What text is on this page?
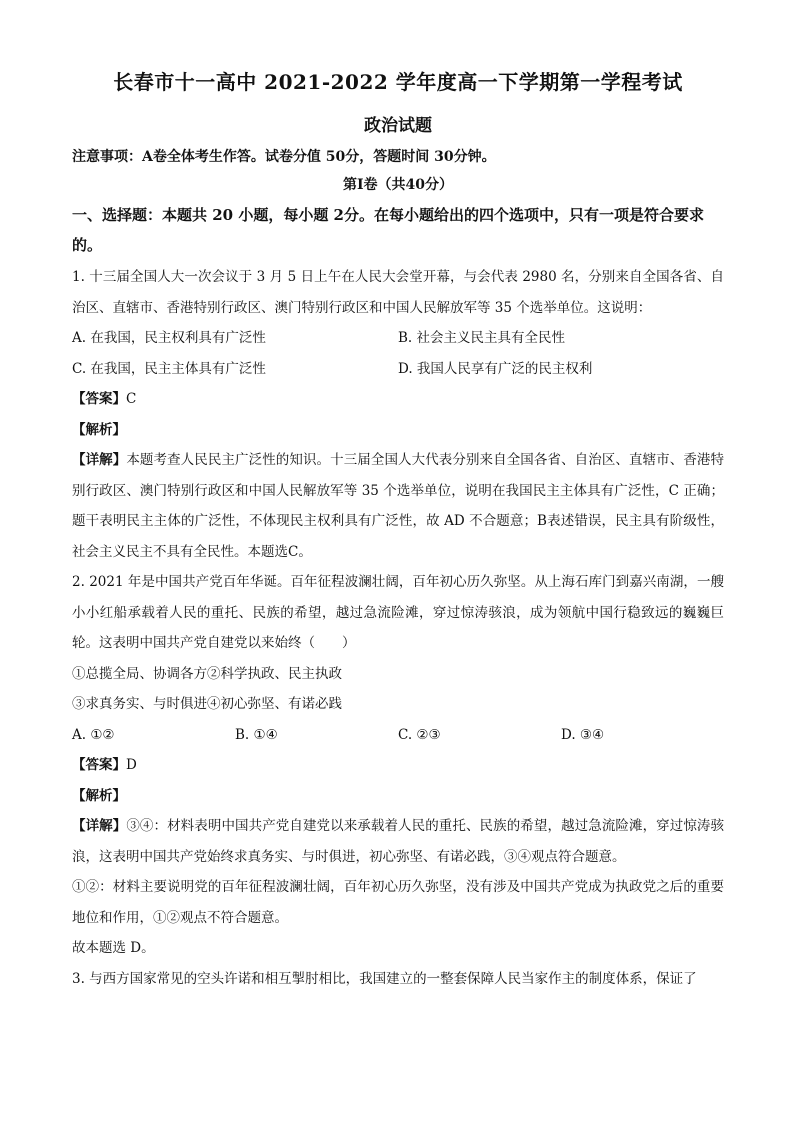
长春市十一高中 2021-2022 学年度高一下学期第一学程考试
政治试题
注意事项：A卷全体考生作答。试卷分值 50分，答题时间 30分钟。
第Ⅰ卷（共40分）
一、选择题：本题共 20 小题，每小题 2分。在每小题给出的四个选项中，只有一项是符合要求的。

1. 十三届全国人大一次会议于 3 月 5 日上午在人民大会堂开幕，与会代表 2980 名，分别来自全国各省、自治区、直辖市、香港特别行政区、澳门特别行政区和中国人民解放军等 35 个选举单位。这说明：

A. 在我国，民主权利具有广泛性	B. 社会主义民主具有全民性
C. 在我国，民主主体具有广泛性	D. 我国人民享有广泛的民主权利

【答案】C

【解析】

【详解】本题考查人民民主广泛性的知识。十三届全国人大代表分别来自全国各省、自治区、直辖市、香港特别行政区、澳门特别行政区和中国人民解放军等 35 个选举单位，说明在我国民主主体具有广泛性，C 正确；题干表明民主主体的广泛性，不体现民主权利具有广泛性，故 AD 不合题意；B表述错误，民主具有阶级性， 社会主义民主不具有全民性。本题选C。

2. 2021 年是中国共产党百年华诞。百年征程波澜壮阔，百年初心历久弥坚。从上海石库门到嘉兴南湖，一艘小小红船承载着人民的重托、民族的希望，越过急流险滩，穿过惊涛骇浪，成为领航中国行稳致远的巍巍巨轮。这表明中国共产党自建党以来始终（　　）

①总揽全局、协调各方②科学执政、民主执政

③求真务实、与时俱进④初心弥坚、有诺必践

A. ①②	B. ①④	C. ②③	D. ③④

【答案】D

【解析】

【详解】③④：材料表明中国共产党自建党以来承载着人民的重托、民族的希望，越过急流险滩，穿过惊涛骇浪，这表明中国共产党始终求真务实、与时俱进，初心弥坚、有诺必践，③④观点符合题意。

①②：材料主要说明党的百年征程波澜壮阔，百年初心历久弥坚，没有涉及中国共产党成为执政党之后的重要地位和作用，①②观点不符合题意。

故本题选 D。

3. 与西方国家常见的空头许诺和相互掣肘相比，我国建立的一整套保障人民当家作主的制度体系，保证了
